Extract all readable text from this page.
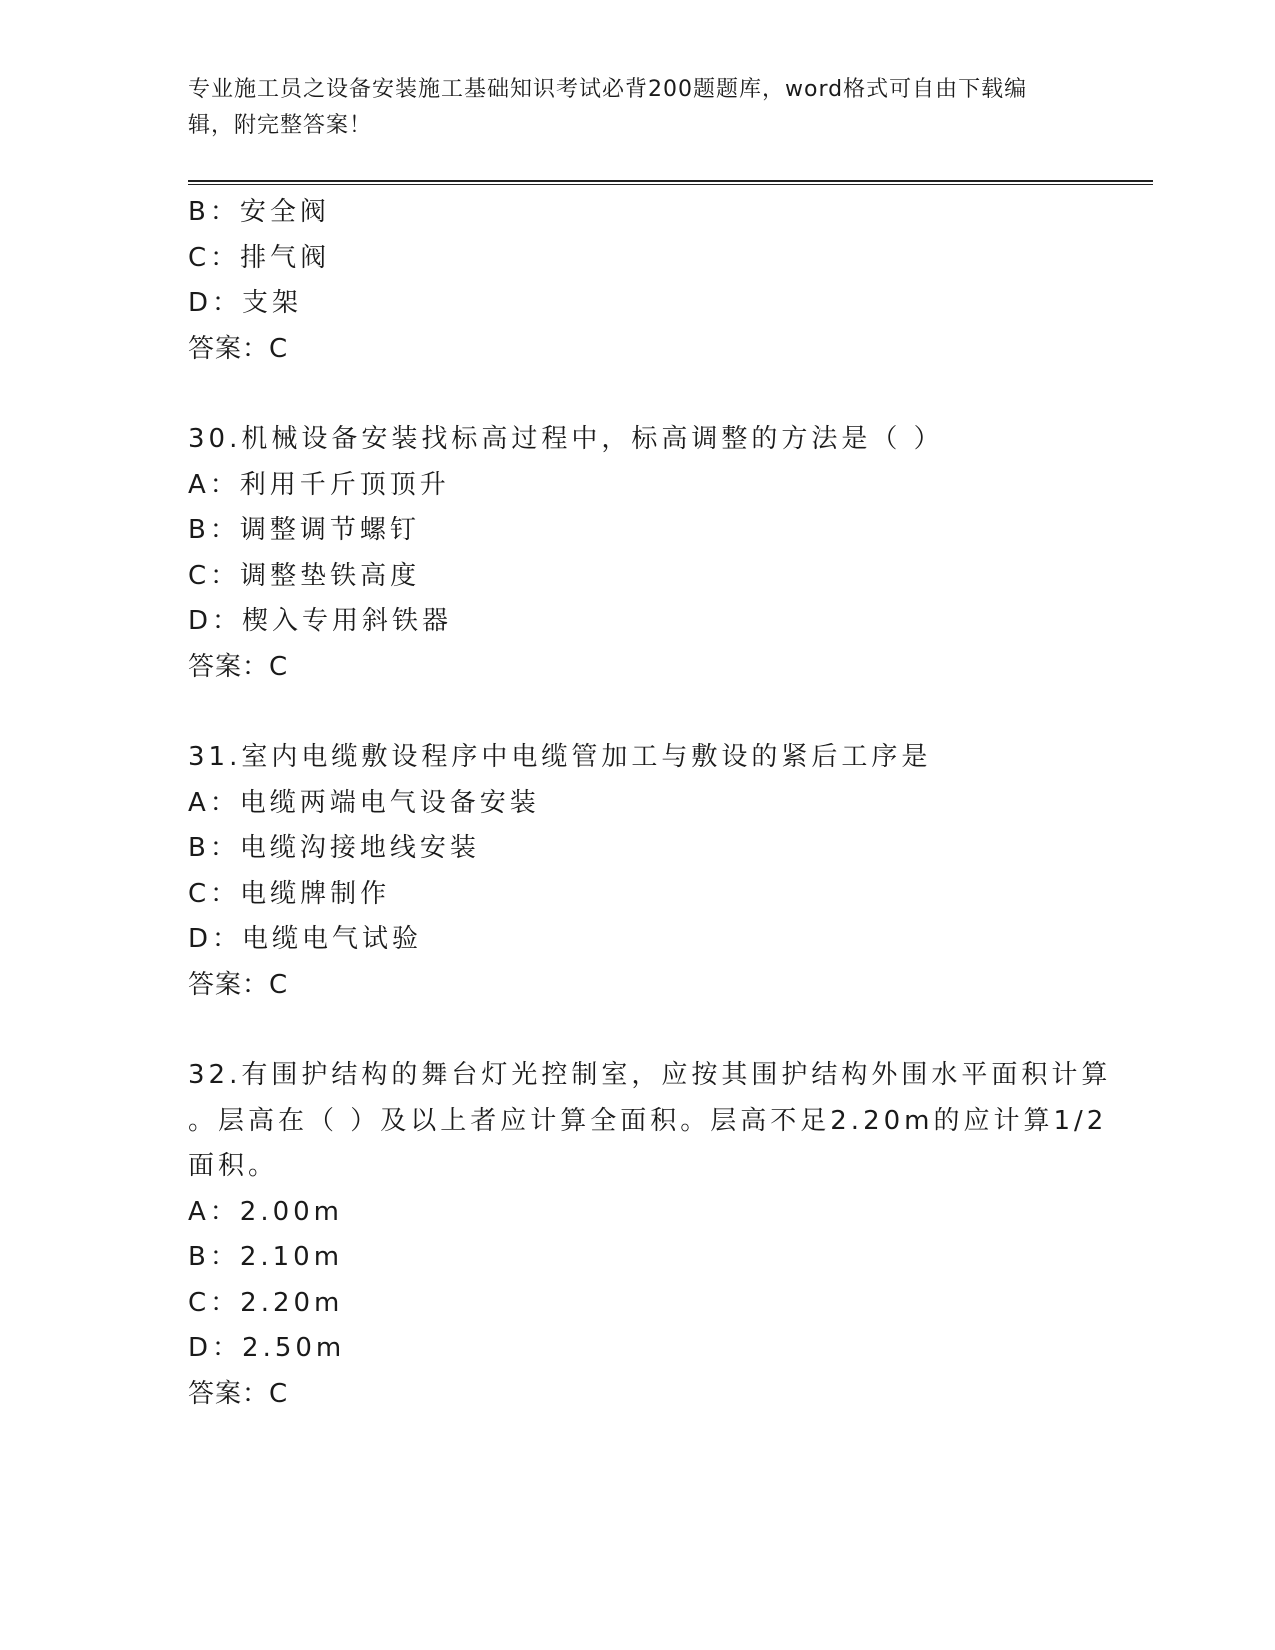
专业施工员之设备安装施工基础知识考试必背200题题库，word格式可自由下载编辑，附完整答案！
B：安全阀
C：排气阀
D：支架
答案：C
30.机械设备安装找标高过程中，标高调整的方法是（ ）
A：利用千斤顶顶升
B：调整调节螺钉
C：调整垫铁高度
D：楔入专用斜铁器
答案：C
31.室内电缆敷设程序中电缆管加工与敷设的紧后工序是
A：电缆两端电气设备安装
B：电缆沟接地线安装
C：电缆牌制作
D：电缆电气试验
答案：C
32.有围护结构的舞台灯光控制室，应按其围护结构外围水平面积计算
。层高在（ ）及以上者应计算全面积。层高不足2.20m的应计算1/2
面积。
A：2.00m
B：2.10m
C：2.20m
D：2.50m
答案：C
